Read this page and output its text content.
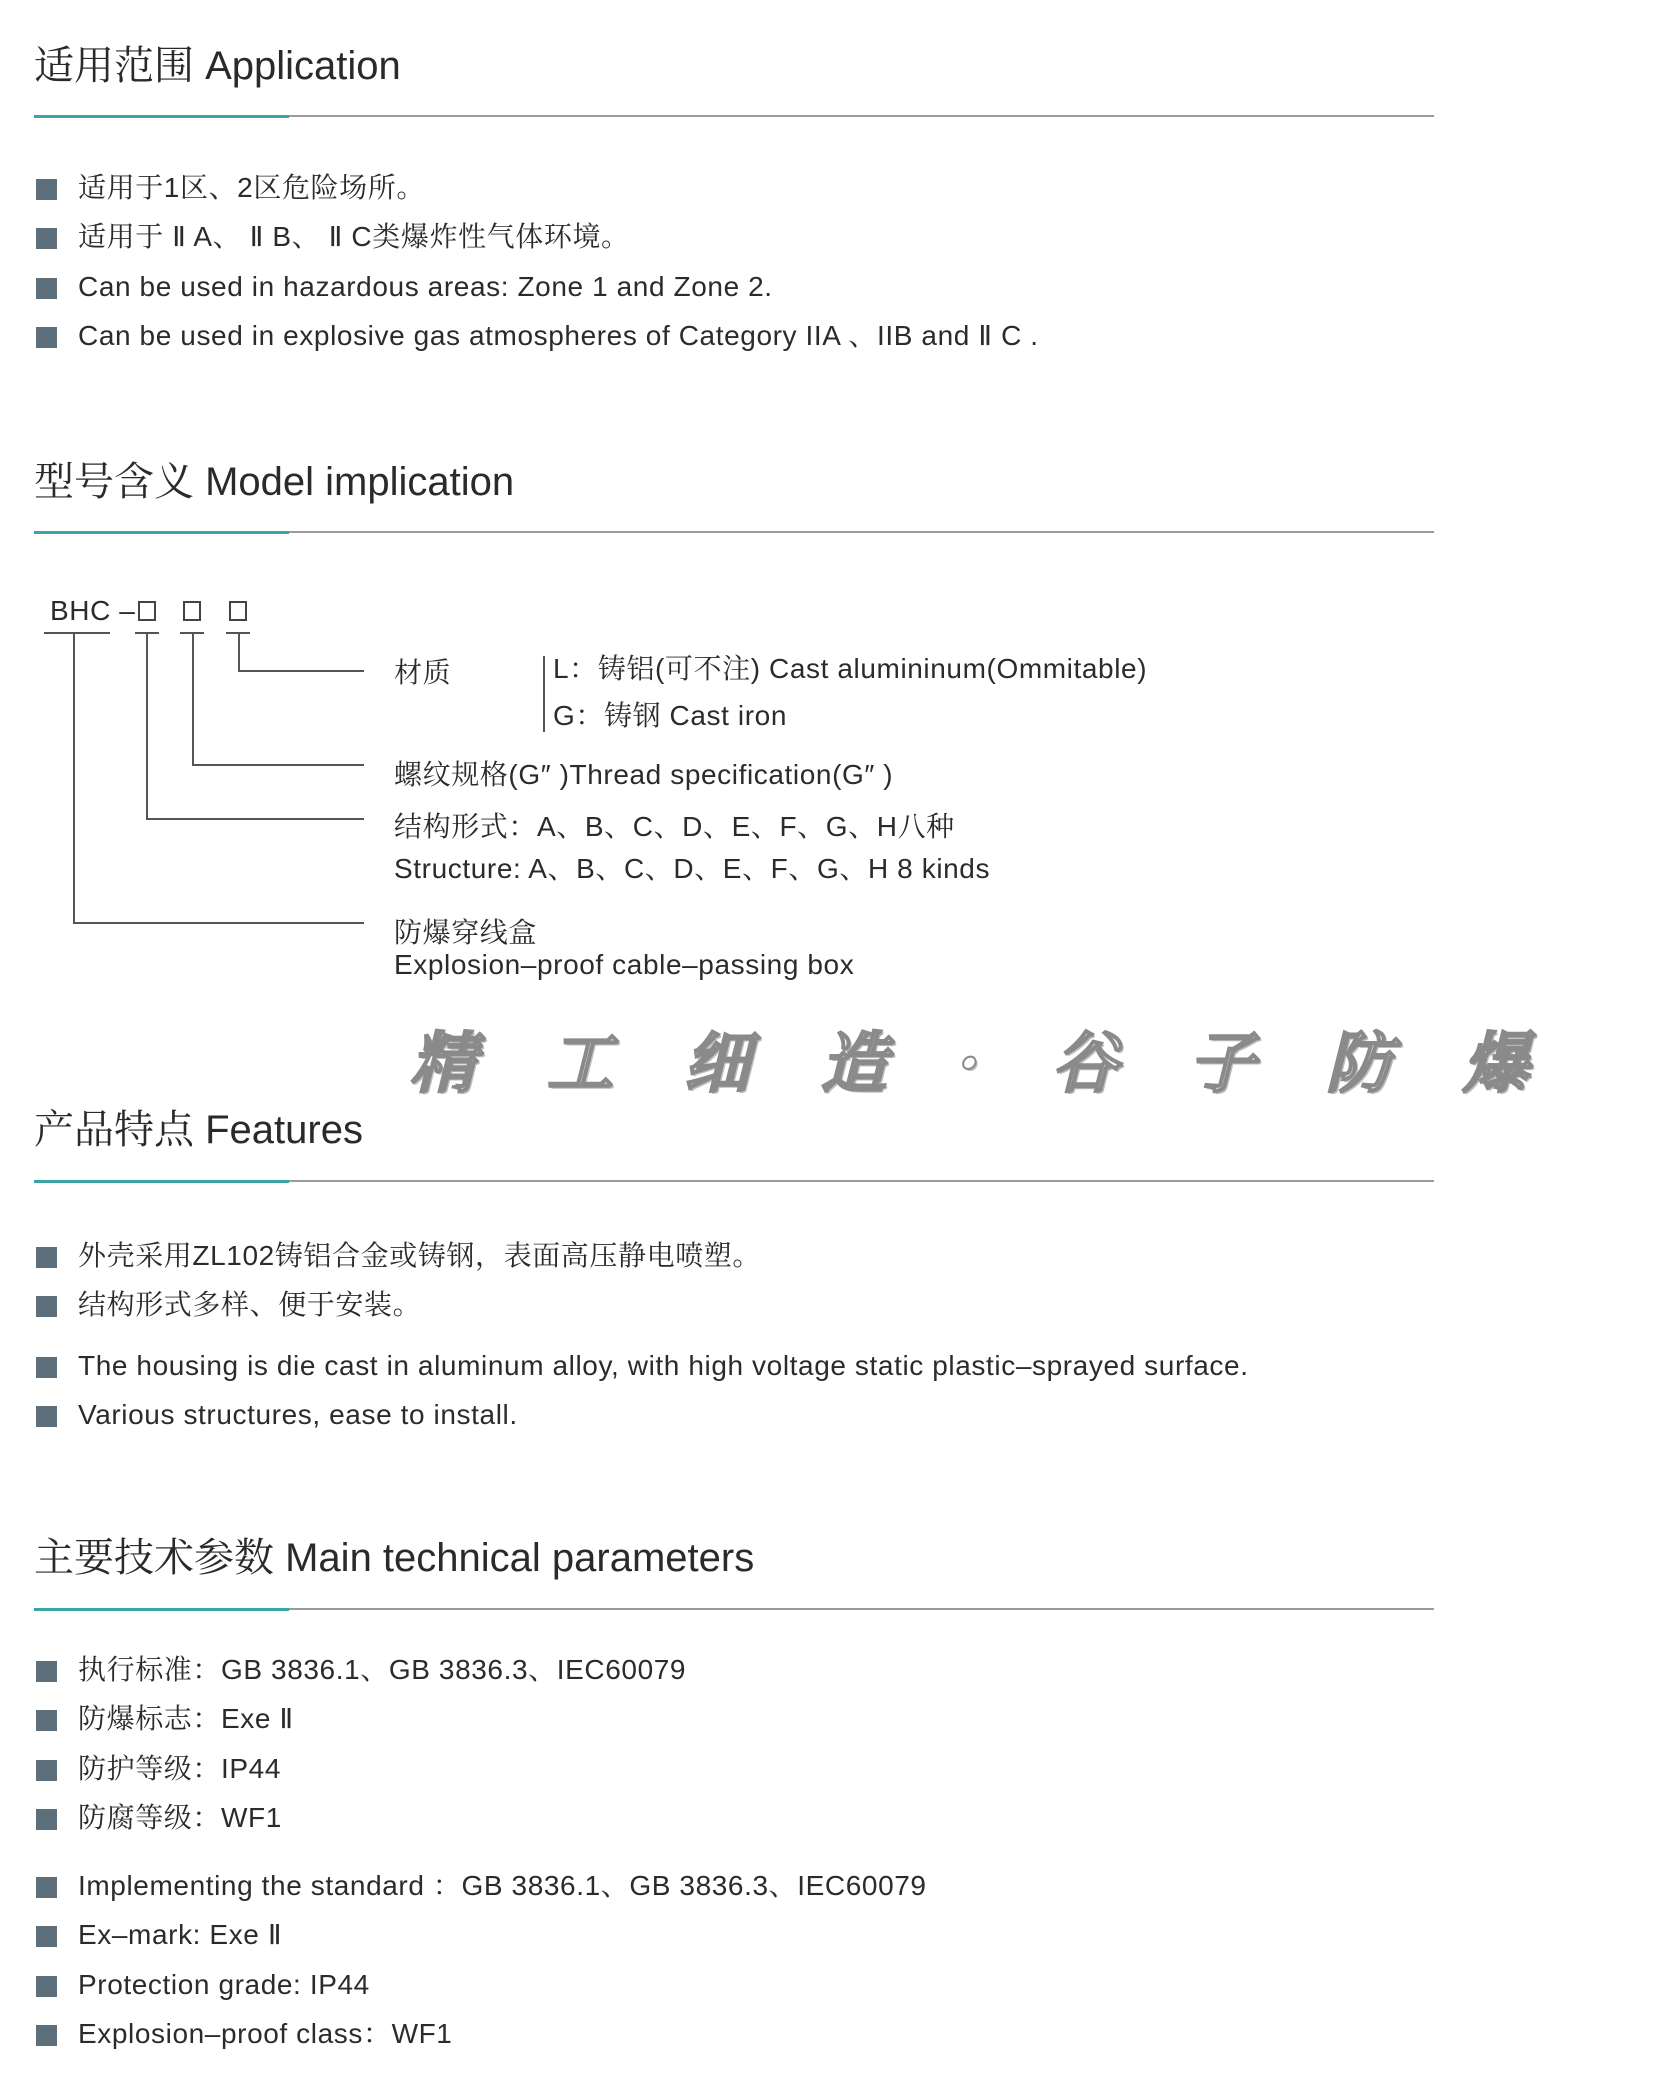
适用范围 Application
适用于1区、2区危险场所。
适用于 Ⅱ A、 Ⅱ B、 Ⅱ C类爆炸性气体环境。
Can be used in hazardous areas: Zone 1 and Zone 2.
Can be used in explosive gas atmospheres of Category IIA 、IIB and Ⅱ C .
型号含义 Model implication
BHC –
材质	L：铸铝(可不注) Cast alumininum(Ommitable)
G：铸钢 Cast iron
螺纹规格(G″ )Thread specification(G″ )
结构形式：A、B、C、D、E、F、G、H八种
Structure: A、B、C、D、E、F、G、H 8 kinds
防爆穿线盒
Explosion–proof cable–passing box
精 工 细 造 · 谷 子 防 爆
产品特点 Features
外壳采用ZL102铸铝合金或铸钢，表面高压静电喷塑。
结构形式多样、便于安装。
The housing is die cast in aluminum alloy, with high voltage static plastic–sprayed surface.
Various structures, ease to install.
主要技术参数 Main technical parameters
执行标准：GB 3836.1、GB 3836.3、IEC60079
防爆标志：Exe Ⅱ
防护等级：IP44
防腐等级：WF1
Implementing the standard ：GB 3836.1、GB 3836.3、IEC60079
Ex–mark: Exe Ⅱ
Protection grade: IP44
Explosion–proof class：WF1
